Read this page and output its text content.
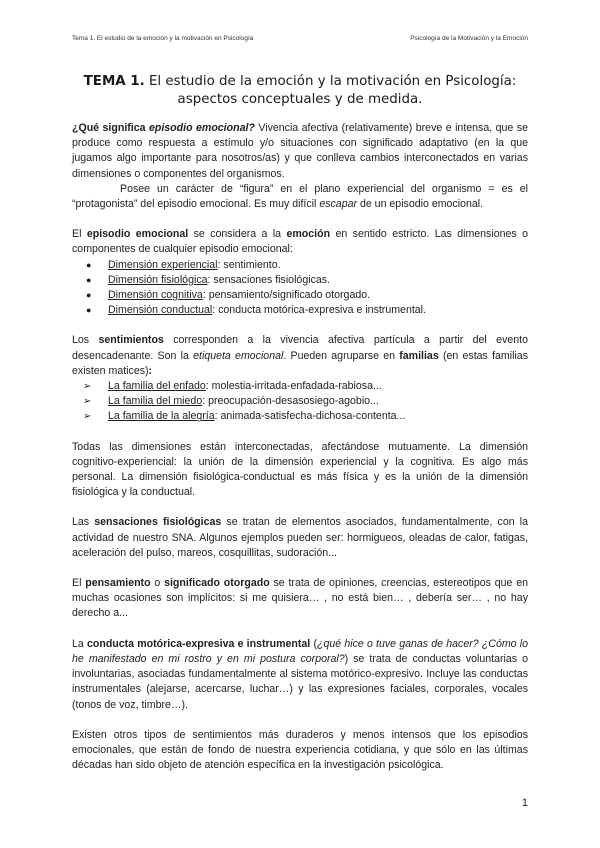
Tema 1. El estudio de la emoción y la motivación en Psicología	Psicología de la Motivación y la Emoción
TEMA 1. El estudio de la emoción y la motivación en Psicología: aspectos conceptuales y de medida.

¿Qué significa episodio emocional? Vivencia afectiva (relativamente) breve e intensa, que se produce como respuesta a estímulo y/o situaciones con significado adaptativo (en la que jugamos algo importante para nosotros/as) y que conlleva cambios interconectados en varias dimensiones o componentes del organismos.

Posee un carácter de “figura” en el plano experiencial del organismo = es el “protagonista” del episodio emocional. Es muy difícil escapar de un episodio emocional.

El episodio emocional se considera a la emoción en sentido estricto. Las dimensiones o componentes de cualquier episodio emocional:

● Dimensión experiencial: sentimiento.
● Dimensión fisiológica: sensaciones fisiológicas.
● Dimensión cognitiva: pensamiento/significado otorgado.
● Dimensión conductual: conducta motórica-expresiva e instrumental.

Los sentimientos corresponden a la vivencia afectiva partícula a partir del evento desencadenante. Son la etiqueta emocional. Pueden agruparse en familias (en estas familias existen matices):

➢ La familia del enfado: molestia-irritada-enfadada-rabiosa...
➢ La familia del miedo: preocupación-desasosiego-agobio...
➢ La familia de la alegría: animada-satisfecha-dichosa-contenta...

Todas las dimensiones están interconectadas, afectándose mutuamente. La dimensión cognitivo-experiencial: la unión de la dimensión experiencial y la cognitiva. Es algo más personal. La dimensión fisiológica-conductual es más física y es la unión de la dimensión fisiológica y la conductual.

Las sensaciones fisiológicas se tratan de elementos asociados, fundamentalmente, con la actividad de nuestro SNA. Algunos ejemplos pueden ser: hormigueos, oleadas de calor, fatigas, aceleración del pulso, mareos, cosquillitas, sudoración...

El pensamiento o significado otorgado se trata de opiniones, creencias, estereotipos que en muchas ocasiones son implícitos: si me quisiera… , no está bien… , debería ser… , no hay derecho a...

La conducta motórica-expresiva e instrumental (¿qué hice o tuve ganas de hacer? ¿Cómo lo he manifestado en mi rostro y en mi postura corporal?) se trata de conductas voluntarias o involuntarias, asociadas fundamentalmente al sistema motórico-expresivo. Incluye las conductas instrumentales (alejarse, acercarse, luchar…) y las expresiones faciales, corporales, vocales (tonos de voz, timbre…).

Existen otros tipos de sentimientos más duraderos y menos intensos que los episodios emocionales, que están de fondo de nuestra experiencia cotidiana, y que sólo en las últimas décadas han sido objeto de atención específica en la investigación psicológica.

1
